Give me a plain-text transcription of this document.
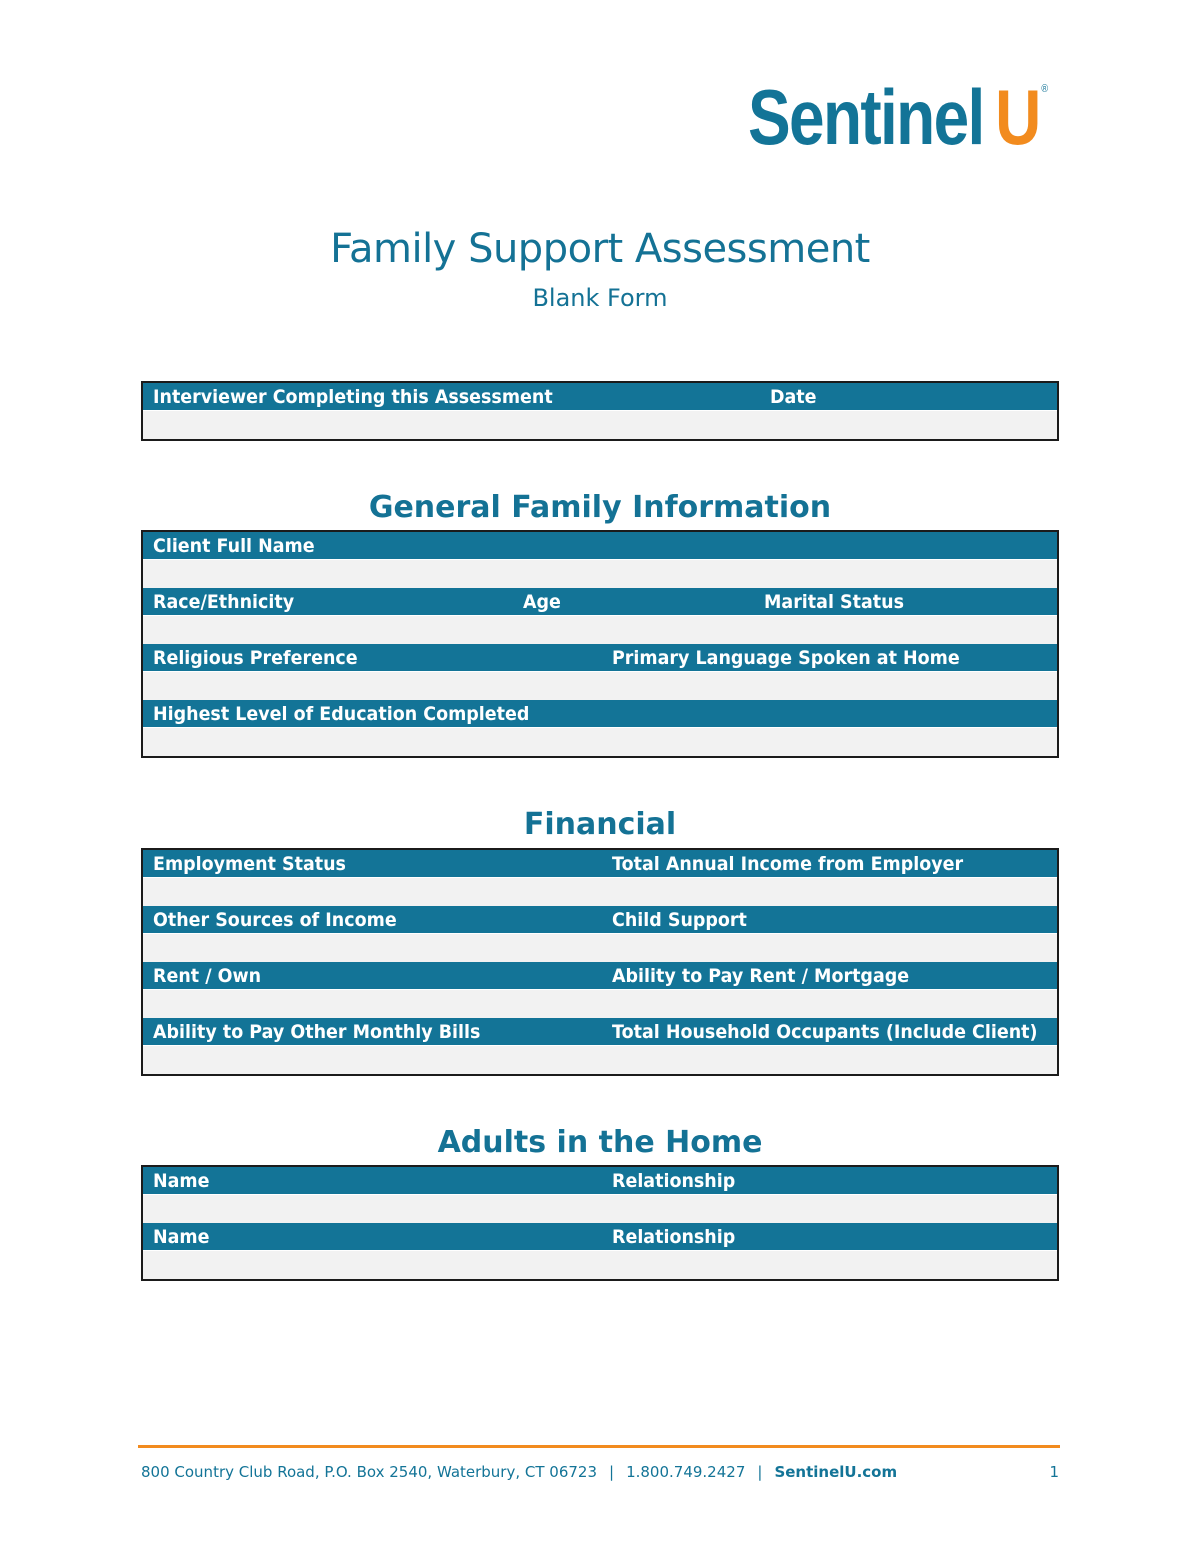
Sentinel U ®
Family Support Assessment
Blank Form
Interviewer Completing this Assessment	Date
General Family Information
Client Full Name
Race/Ethnicity	Age	Marital Status
Religious Preference	Primary Language Spoken at Home
Highest Level of Education Completed
Financial
Employment Status	Total Annual Income from Employer
Other Sources of Income	Child Support
Rent / Own	Ability to Pay Rent / Mortgage
Ability to Pay Other Monthly Bills	Total Household Occupants (Include Client)
Adults in the Home
Name	Relationship
Name	Relationship
800 Country Club Road, P.O. Box 2540, Waterbury, CT 06723 | 1.800.749.2427 | SentinelU.com	1
